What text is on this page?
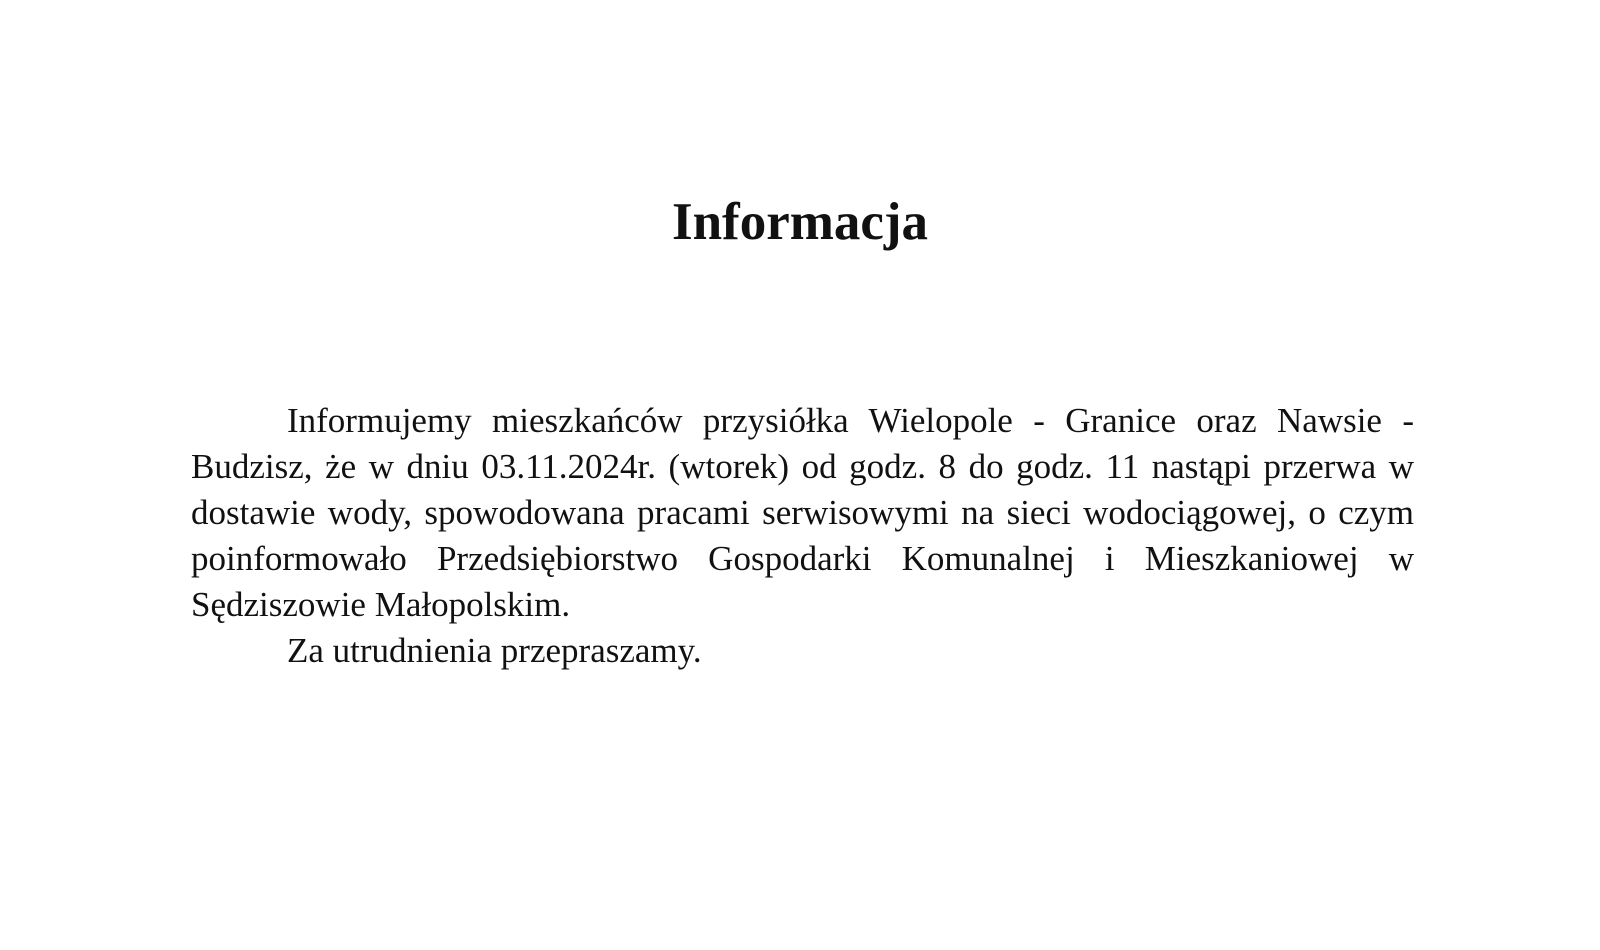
Informacja

Informujemy mieszkańców przysiółka Wielopole - Granice oraz Nawsie - Budzisz, że w dniu 03.11.2024r. (wtorek) od godz. 8 do godz. 11 nastąpi przerwa w dostawie wody, spowodowana pracami serwisowymi na sieci wodociągowej, o czym poinformowało Przedsiębiorstwo Gospodarki Komunalnej i Mieszkaniowej w Sędziszowie Małopolskim.

Za utrudnienia przepraszamy.
